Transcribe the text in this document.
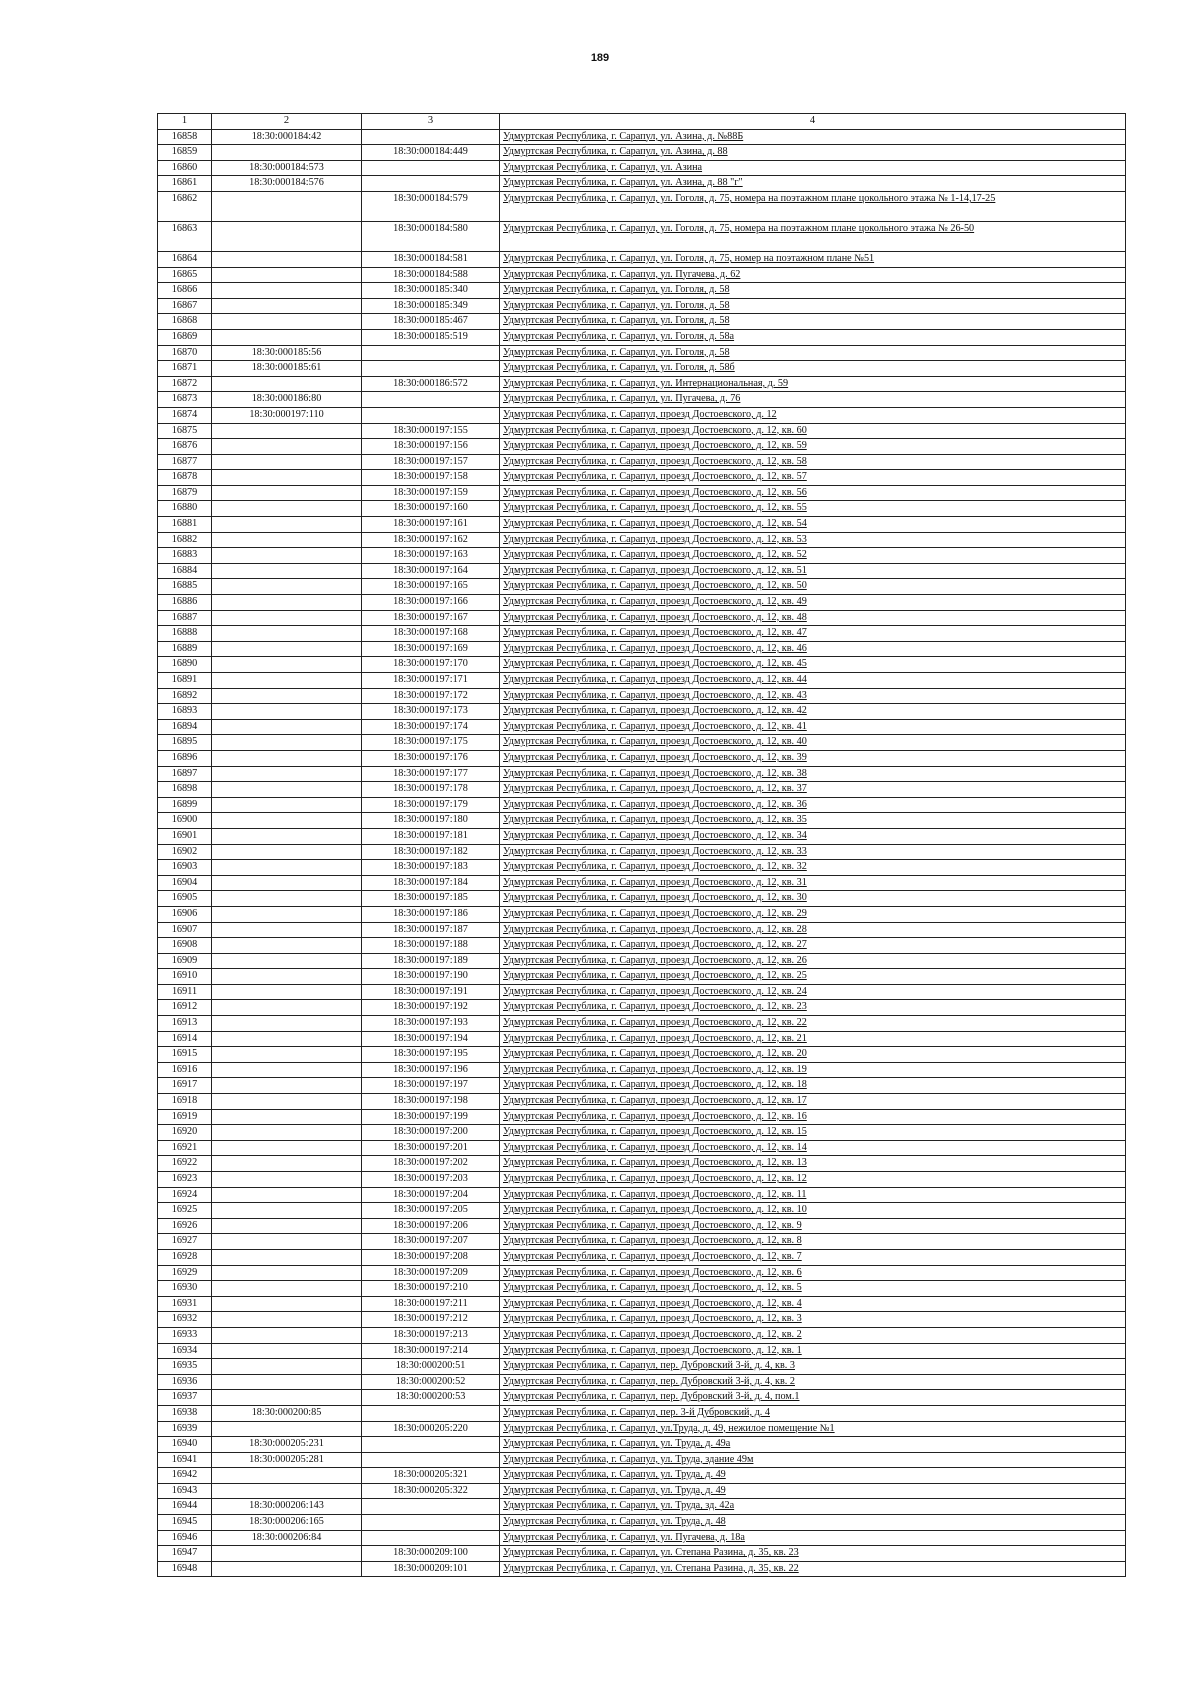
189
1	2	3	4
16858	18:30:000184:42		Удмуртская Республика, г. Сарапул, ул. Азина, д. №88Б
16859		18:30:000184:449	Удмуртская Республика, г. Сарапул, ул. Азина, д. 88
16860	18:30:000184:573		Удмуртская Республика, г. Сарапул, ул. Азина
16861	18:30:000184:576		Удмуртская Республика, г. Сарапул, ул. Азина, д. 88 "г"
16862		18:30:000184:579	Удмуртская Республика, г. Сарапул, ул. Гоголя, д. 75, номера на поэтажном плане цокольного этажа № 1-14,17-25
16863		18:30:000184:580	Удмуртская Республика, г. Сарапул, ул. Гоголя, д. 75, номера на поэтажном плане цокольного этажа № 26-50
16864		18:30:000184:581	Удмуртская Республика, г. Сарапул, ул. Гоголя, д. 75, номер на поэтажном плане №51
16865		18:30:000184:588	Удмуртская Республика, г. Сарапул, ул. Пугачева, д. 62
16866		18:30:000185:340	Удмуртская Республика, г. Сарапул, ул. Гоголя, д. 58
16867		18:30:000185:349	Удмуртская Республика, г. Сарапул, ул. Гоголя, д. 58
16868		18:30:000185:467	Удмуртская Республика, г. Сарапул, ул. Гоголя, д. 58
16869		18:30:000185:519	Удмуртская Республика, г. Сарапул, ул. Гоголя, д. 58а
16870	18:30:000185:56		Удмуртская Республика, г. Сарапул, ул. Гоголя, д. 58
16871	18:30:000185:61		Удмуртская Республика, г. Сарапул, ул. Гоголя, д. 58б
16872		18:30:000186:572	Удмуртская Республика, г. Сарапул, ул. Интернациональная, д. 59
16873	18:30:000186:80		Удмуртская Республика, г. Сарапул, ул. Пугачева, д. 76
16874	18:30:000197:110		Удмуртская Республика, г. Сарапул, проезд Достоевского, д. 12
16875		18:30:000197:155	Удмуртская Республика, г. Сарапул, проезд Достоевского, д. 12, кв. 60
16876		18:30:000197:156	Удмуртская Республика, г. Сарапул, проезд Достоевского, д. 12, кв. 59
16877		18:30:000197:157	Удмуртская Республика, г. Сарапул, проезд Достоевского, д. 12, кв. 58
16878		18:30:000197:158	Удмуртская Республика, г. Сарапул, проезд Достоевского, д. 12, кв. 57
16879		18:30:000197:159	Удмуртская Республика, г. Сарапул, проезд Достоевского, д. 12, кв. 56
16880		18:30:000197:160	Удмуртская Республика, г. Сарапул, проезд Достоевского, д. 12, кв. 55
16881		18:30:000197:161	Удмуртская Республика, г. Сарапул, проезд Достоевского, д. 12, кв. 54
16882		18:30:000197:162	Удмуртская Республика, г. Сарапул, проезд Достоевского, д. 12, кв. 53
16883		18:30:000197:163	Удмуртская Республика, г. Сарапул, проезд Достоевского, д. 12, кв. 52
16884		18:30:000197:164	Удмуртская Республика, г. Сарапул, проезд Достоевского, д. 12, кв. 51
16885		18:30:000197:165	Удмуртская Республика, г. Сарапул, проезд Достоевского, д. 12, кв. 50
16886		18:30:000197:166	Удмуртская Республика, г. Сарапул, проезд Достоевского, д. 12, кв. 49
16887		18:30:000197:167	Удмуртская Республика, г. Сарапул, проезд Достоевского, д. 12, кв. 48
16888		18:30:000197:168	Удмуртская Республика, г. Сарапул, проезд Достоевского, д. 12, кв. 47
16889		18:30:000197:169	Удмуртская Республика, г. Сарапул, проезд Достоевского, д. 12, кв. 46
16890		18:30:000197:170	Удмуртская Республика, г. Сарапул, проезд Достоевского, д. 12, кв. 45
16891		18:30:000197:171	Удмуртская Республика, г. Сарапул, проезд Достоевского, д. 12, кв. 44
16892		18:30:000197:172	Удмуртская Республика, г. Сарапул, проезд Достоевского, д. 12, кв. 43
16893		18:30:000197:173	Удмуртская Республика, г. Сарапул, проезд Достоевского, д. 12, кв. 42
16894		18:30:000197:174	Удмуртская Республика, г. Сарапул, проезд Достоевского, д. 12, кв. 41
16895		18:30:000197:175	Удмуртская Республика, г. Сарапул, проезд Достоевского, д. 12, кв. 40
16896		18:30:000197:176	Удмуртская Республика, г. Сарапул, проезд Достоевского, д. 12, кв. 39
16897		18:30:000197:177	Удмуртская Республика, г. Сарапул, проезд Достоевского, д. 12, кв. 38
16898		18:30:000197:178	Удмуртская Республика, г. Сарапул, проезд Достоевского, д. 12, кв. 37
16899		18:30:000197:179	Удмуртская Республика, г. Сарапул, проезд Достоевского, д. 12, кв. 36
16900		18:30:000197:180	Удмуртская Республика, г. Сарапул, проезд Достоевского, д. 12, кв. 35
16901		18:30:000197:181	Удмуртская Республика, г. Сарапул, проезд Достоевского, д. 12, кв. 34
16902		18:30:000197:182	Удмуртская Республика, г. Сарапул, проезд Достоевского, д. 12, кв. 33
16903		18:30:000197:183	Удмуртская Республика, г. Сарапул, проезд Достоевского, д. 12, кв. 32
16904		18:30:000197:184	Удмуртская Республика, г. Сарапул, проезд Достоевского, д. 12, кв. 31
16905		18:30:000197:185	Удмуртская Республика, г. Сарапул, проезд Достоевского, д. 12, кв. 30
16906		18:30:000197:186	Удмуртская Республика, г. Сарапул, проезд Достоевского, д. 12, кв. 29
16907		18:30:000197:187	Удмуртская Республика, г. Сарапул, проезд Достоевского, д. 12, кв. 28
16908		18:30:000197:188	Удмуртская Республика, г. Сарапул, проезд Достоевского, д. 12, кв. 27
16909		18:30:000197:189	Удмуртская Республика, г. Сарапул, проезд Достоевского, д. 12, кв. 26
16910		18:30:000197:190	Удмуртская Республика, г. Сарапул, проезд Достоевского, д. 12, кв. 25
16911		18:30:000197:191	Удмуртская Республика, г. Сарапул, проезд Достоевского, д. 12, кв. 24
16912		18:30:000197:192	Удмуртская Республика, г. Сарапул, проезд Достоевского, д. 12, кв. 23
16913		18:30:000197:193	Удмуртская Республика, г. Сарапул, проезд Достоевского, д. 12, кв. 22
16914		18:30:000197:194	Удмуртская Республика, г. Сарапул, проезд Достоевского, д. 12, кв. 21
16915		18:30:000197:195	Удмуртская Республика, г. Сарапул, проезд Достоевского, д. 12, кв. 20
16916		18:30:000197:196	Удмуртская Республика, г. Сарапул, проезд Достоевского, д. 12, кв. 19
16917		18:30:000197:197	Удмуртская Республика, г. Сарапул, проезд Достоевского, д. 12, кв. 18
16918		18:30:000197:198	Удмуртская Республика, г. Сарапул, проезд Достоевского, д. 12, кв. 17
16919		18:30:000197:199	Удмуртская Республика, г. Сарапул, проезд Достоевского, д. 12, кв. 16
16920		18:30:000197:200	Удмуртская Республика, г. Сарапул, проезд Достоевского, д. 12, кв. 15
16921		18:30:000197:201	Удмуртская Республика, г. Сарапул, проезд Достоевского, д. 12, кв. 14
16922		18:30:000197:202	Удмуртская Республика, г. Сарапул, проезд Достоевского, д. 12, кв. 13
16923		18:30:000197:203	Удмуртская Республика, г. Сарапул, проезд Достоевского, д. 12, кв. 12
16924		18:30:000197:204	Удмуртская Республика, г. Сарапул, проезд Достоевского, д. 12, кв. 11
16925		18:30:000197:205	Удмуртская Республика, г. Сарапул, проезд Достоевского, д. 12, кв. 10
16926		18:30:000197:206	Удмуртская Республика, г. Сарапул, проезд Достоевского, д. 12, кв. 9
16927		18:30:000197:207	Удмуртская Республика, г. Сарапул, проезд Достоевского, д. 12, кв. 8
16928		18:30:000197:208	Удмуртская Республика, г. Сарапул, проезд Достоевского, д. 12, кв. 7
16929		18:30:000197:209	Удмуртская Республика, г. Сарапул, проезд Достоевского, д. 12, кв. 6
16930		18:30:000197:210	Удмуртская Республика, г. Сарапул, проезд Достоевского, д. 12, кв. 5
16931		18:30:000197:211	Удмуртская Республика, г. Сарапул, проезд Достоевского, д. 12, кв. 4
16932		18:30:000197:212	Удмуртская Республика, г. Сарапул, проезд Достоевского, д. 12, кв. 3
16933		18:30:000197:213	Удмуртская Республика, г. Сарапул, проезд Достоевского, д. 12, кв. 2
16934		18:30:000197:214	Удмуртская Республика, г. Сарапул, проезд Достоевского, д. 12, кв. 1
16935		18:30:000200:51	Удмуртская Республика, г. Сарапул, пер. Дубровский 3-й, д. 4, кв. 3
16936		18:30:000200:52	Удмуртская Республика, г. Сарапул, пер. Дубровский 3-й, д. 4, кв. 2
16937		18:30:000200:53	Удмуртская Республика, г. Сарапул, пер. Дубровский 3-й, д. 4, пом.1
16938	18:30:000200:85		Удмуртская Республика, г. Сарапул, пер. 3-й Дубровский, д. 4
16939		18:30:000205:220	Удмуртская Республика, г. Сарапул, ул.Труда, д. 49, нежилое помещение №1
16940	18:30:000205:231		Удмуртская Республика, г. Сарапул, ул. Труда, д. 49а
16941	18:30:000205:281		Удмуртская Республика, г. Сарапул, ул. Труда, здание 49м
16942		18:30:000205:321	Удмуртская Республика, г. Сарапул, ул. Труда, д. 49
16943		18:30:000205:322	Удмуртская Республика, г. Сарапул, ул. Труда, д. 49
16944	18:30:000206:143		Удмуртская Республика, г. Сарапул, ул. Труда, зд. 42а
16945	18:30:000206:165		Удмуртская Республика, г. Сарапул, ул. Труда, д. 48
16946	18:30:000206:84		Удмуртская Республика, г. Сарапул, ул. Пугачева, д. 18а
16947		18:30:000209:100	Удмуртская Республика, г. Сарапул, ул. Степана Разина, д. 35, кв. 23
16948		18:30:000209:101	Удмуртская Республика, г. Сарапул, ул. Степана Разина, д. 35, кв. 22
